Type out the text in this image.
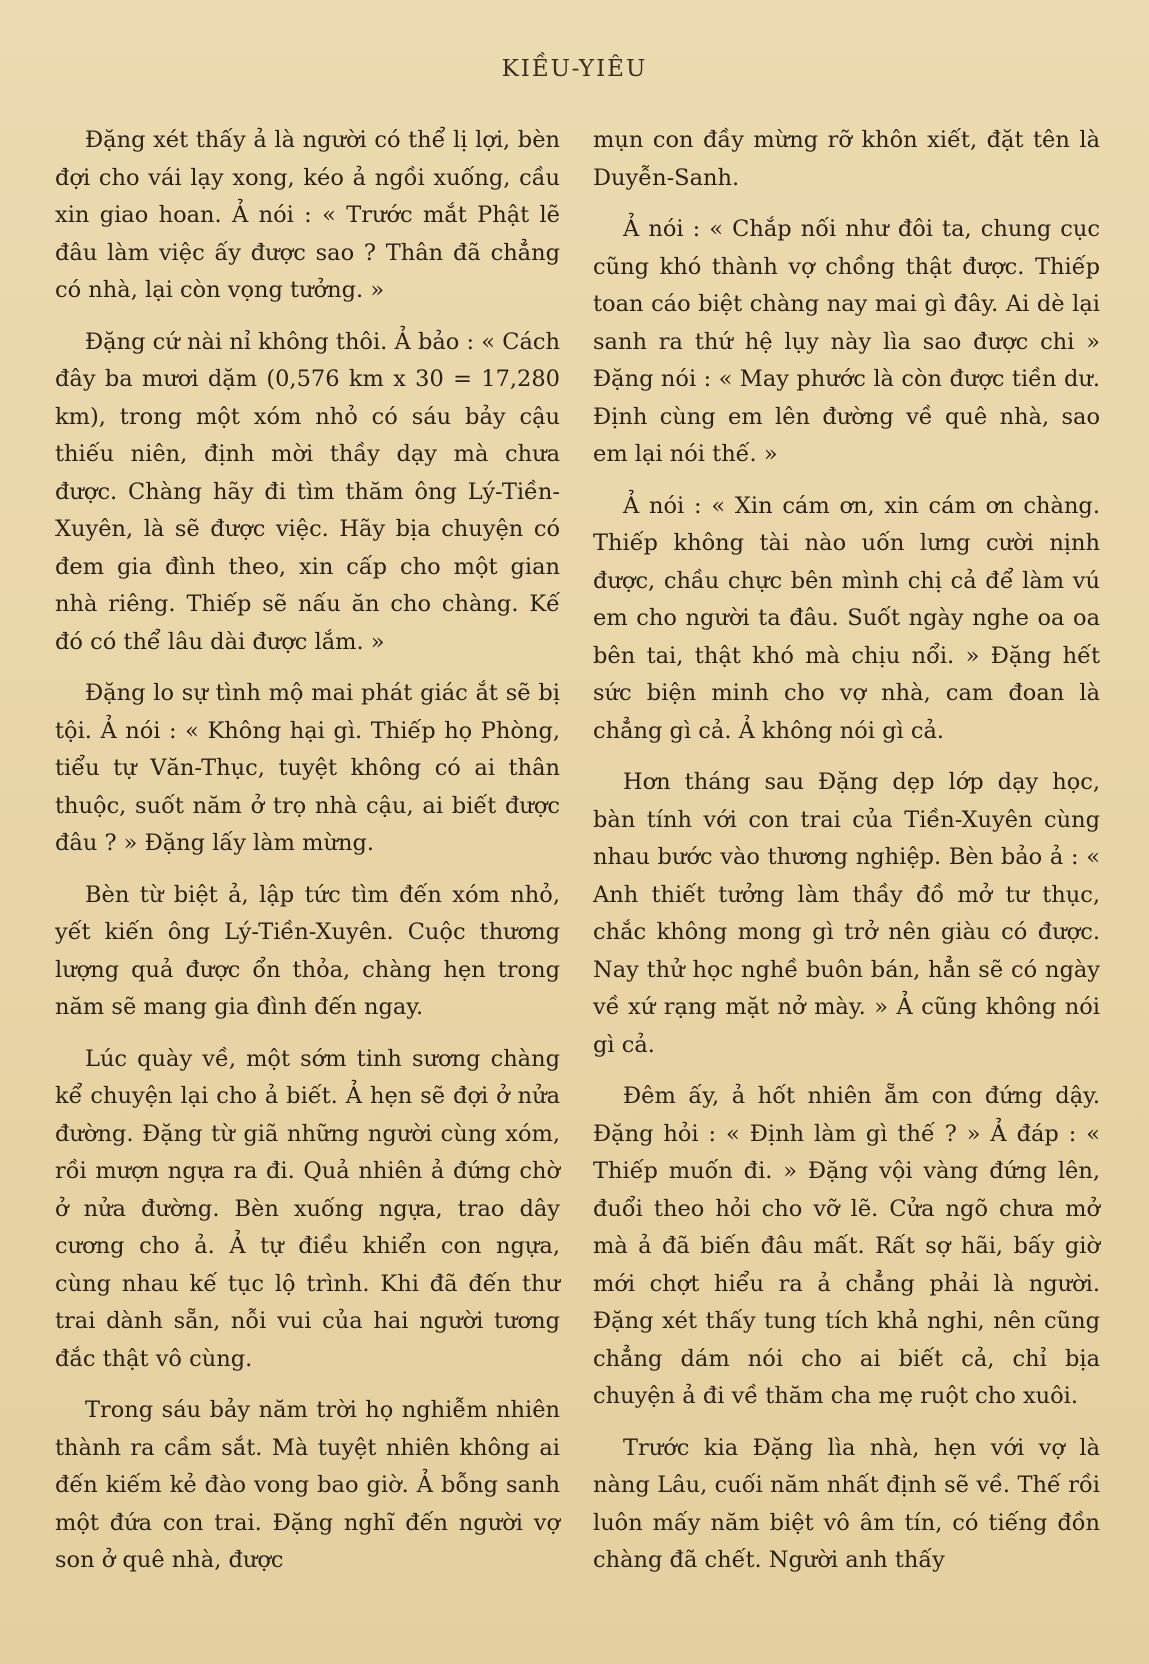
KIỀU-YIÊU

Đặng xét thấy ả là người có thể lị lợi, bèn đợi cho vái lạy xong, kéo ả ngồi xuống, cầu xin giao hoan. Ả nói : « Trước mắt Phật lẽ đâu làm việc ấy được sao ? Thân đã chẳng có nhà, lại còn vọng tưởng. »

Đặng cứ nài nỉ không thôi. Ả bảo : « Cách đây ba mươi dặm (0,576 km x 30 = 17,280 km), trong một xóm nhỏ có sáu bảy cậu thiếu niên, định mời thầy dạy mà chưa được. Chàng hãy đi tìm thăm ông Lý-Tiền-Xuyên, là sẽ được việc. Hãy bịa chuyện có đem gia đình theo, xin cấp cho một gian nhà riêng. Thiếp sẽ nấu ăn cho chàng. Kế đó có thể lâu dài được lắm. »

Đặng lo sự tình mộ mai phát giác ắt sẽ bị tội. Ả nói : « Không hại gì. Thiếp họ Phòng, tiểu tự Văn-Thục, tuyệt không có ai thân thuộc, suốt năm ở trọ nhà cậu, ai biết được đâu ? » Đặng lấy làm mừng.

Bèn từ biệt ả, lập tức tìm đến xóm nhỏ, yết kiến ông Lý-Tiền-Xuyên. Cuộc thương lượng quả được ổn thỏa, chàng hẹn trong năm sẽ mang gia đình đến ngay.

Lúc quày về, một sớm tinh sương chàng kể chuyện lại cho ả biết. Ả hẹn sẽ đợi ở nửa đường. Đặng từ giã những người cùng xóm, rồi mượn ngựa ra đi. Quả nhiên ả đứng chờ ở nửa đường. Bèn xuống ngựa, trao dây cương cho ả. Ả tự điều khiển con ngựa, cùng nhau kế tục lộ trình. Khi đã đến thư trai dành sẵn, nỗi vui của hai người tương đắc thật vô cùng.

Trong sáu bảy năm trời họ nghiễm nhiên thành ra cầm sắt. Mà tuyệt nhiên không ai đến kiếm kẻ đào vong bao giờ. Ả bỗng sanh một đứa con trai. Đặng nghĩ đến người vợ son ở quê nhà, được

mụn con đầy mừng rỡ khôn xiết, đặt tên là Duyễn-Sanh.

Ả nói : « Chắp nối như đôi ta, chung cục cũng khó thành vợ chồng thật được. Thiếp toan cáo biệt chàng nay mai gì đây. Ai dè lại sanh ra thứ hệ lụy này lìa sao được chi » Đặng nói : « May phước là còn được tiền dư. Định cùng em lên đường về quê nhà, sao em lại nói thế. »

Ả nói : « Xin cám ơn, xin cám ơn chàng. Thiếp không tài nào uốn lưng cười nịnh được, chầu chực bên mình chị cả để làm vú em cho người ta đâu. Suốt ngày nghe oa oa bên tai, thật khó mà chịu nổi. » Đặng hết sức biện minh cho vợ nhà, cam đoan là chẳng gì cả. Ả không nói gì cả.

Hơn tháng sau Đặng dẹp lớp dạy học, bàn tính với con trai của Tiền-Xuyên cùng nhau bước vào thương nghiệp. Bèn bảo ả : « Anh thiết tưởng làm thầy đồ mở tư thục, chắc không mong gì trở nên giàu có được. Nay thử học nghề buôn bán, hẳn sẽ có ngày về xứ rạng mặt nở mày. » Ả cũng không nói gì cả.

Đêm ấy, ả hốt nhiên ẵm con đứng dậy. Đặng hỏi : « Định làm gì thế ? » Ả đáp : « Thiếp muốn đi. » Đặng vội vàng đứng lên, đuổi theo hỏi cho vỡ lẽ. Cửa ngõ chưa mở mà ả đã biến đâu mất. Rất sợ hãi, bấy giờ mới chợt hiểu ra ả chẳng phải là người. Đặng xét thấy tung tích khả nghi, nên cũng chẳng dám nói cho ai biết cả, chỉ bịa chuyện ả đi về thăm cha mẹ ruột cho xuôi.

Trước kia Đặng lìa nhà, hẹn với vợ là nàng Lâu, cuối năm nhất định sẽ về. Thế rồi luôn mấy năm biệt vô âm tín, có tiếng đồn chàng đã chết. Người anh thấy
